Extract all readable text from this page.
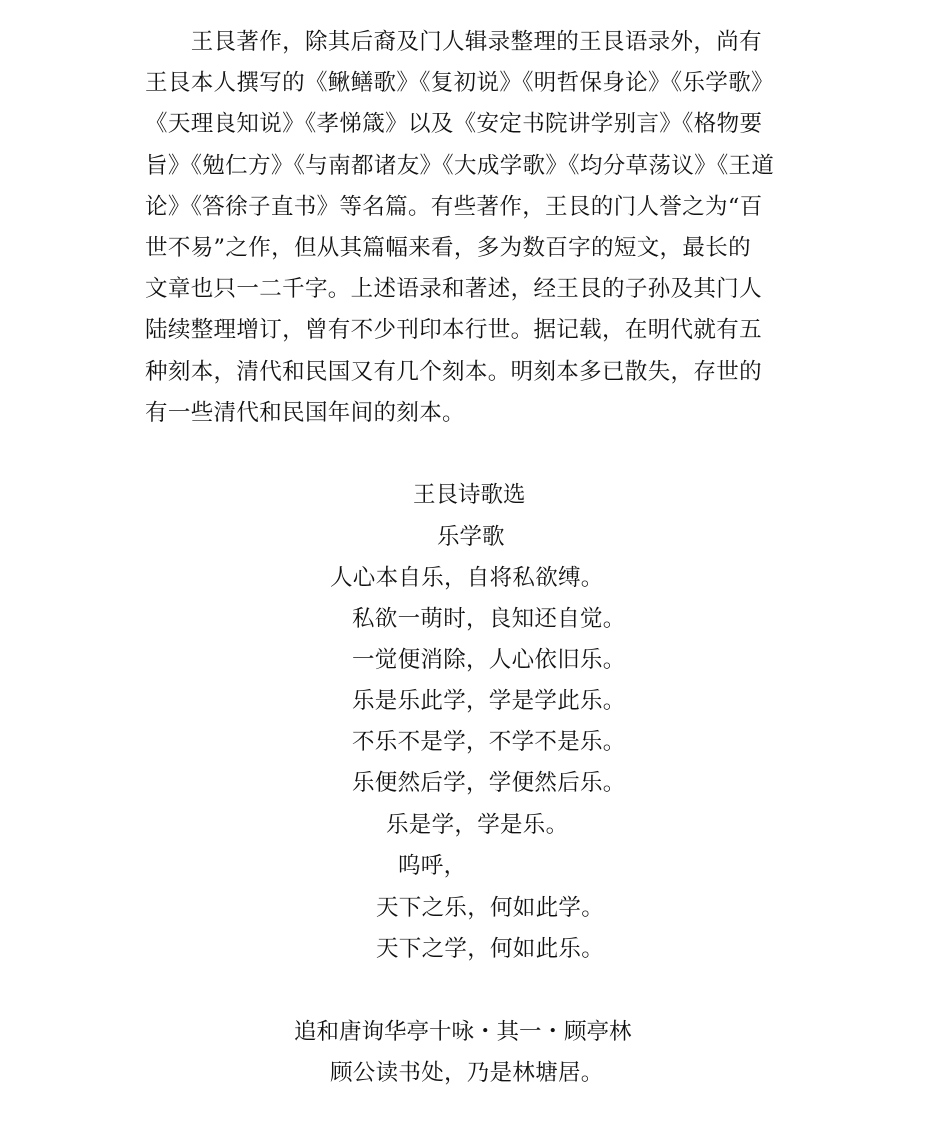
　　王艮著作，除其后裔及门人辑录整理的王艮语录外，尚有
王艮本人撰写的《鳅鳝歌》《复初说》《明哲保身论》《乐学歌》
《天理良知说》《孝悌箴》以及《安定书院讲学别言》《格物要
旨》《勉仁方》《与南都诸友》《大成学歌》《均分草荡议》《王道
论》《答徐子直书》等名篇。有些著作，王艮的门人誉之为“百
世不易”之作，但从其篇幅来看，多为数百字的短文，最长的
文章也只一二千字。上述语录和著述，经王艮的子孙及其门人
陆续整理增订，曾有不少刊印本行世。据记载，在明代就有五
种刻本，清代和民国又有几个刻本。明刻本多已散失，存世的
有一些清代和民国年间的刻本。
王艮诗歌选
乐学歌
人心本自乐，自将私欲缚。
私欲一萌时，良知还自觉。
一觉便消除，人心依旧乐。
乐是乐此学，学是学此乐。
不乐不是学，不学不是乐。
乐便然后学，学便然后乐。
乐是学，学是乐。
呜呼，
天下之乐，何如此学。
天下之学，何如此乐。
追和唐询华亭十咏・其一・顾亭林
顾公读书处，乃是林塘居。
